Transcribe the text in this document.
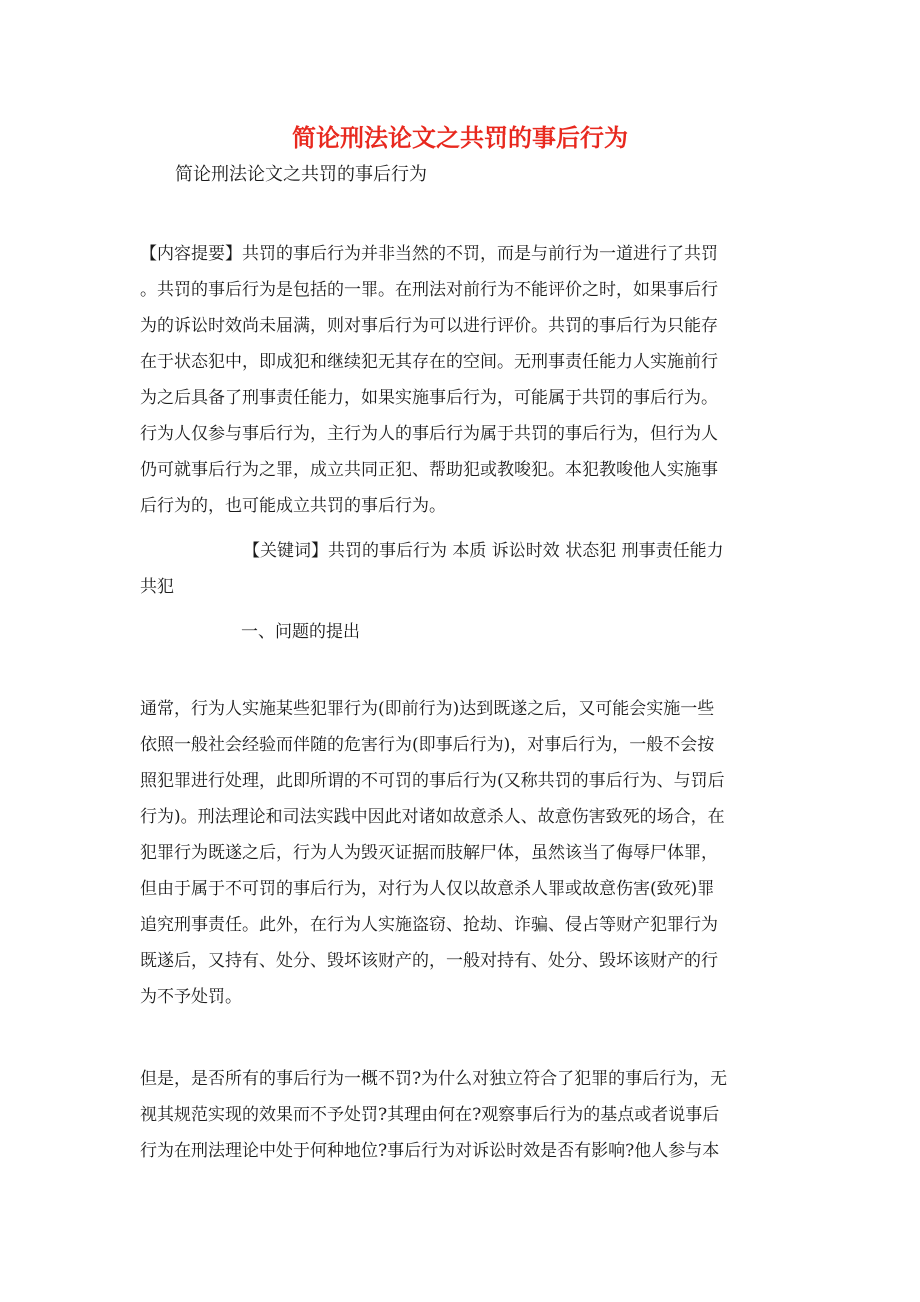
简论刑法论文之共罚的事后行为
简论刑法论文之共罚的事后行为
【内容提要】共罚的事后行为并非当然的不罚，而是与前行为一道进行了共罚
。共罚的事后行为是包括的一罪。在刑法对前行为不能评价之时，如果事后行
为的诉讼时效尚未届满，则对事后行为可以进行评价。共罚的事后行为只能存
在于状态犯中，即成犯和继续犯无其存在的空间。无刑事责任能力人实施前行
为之后具备了刑事责任能力，如果实施事后行为，可能属于共罚的事后行为。
行为人仅参与事后行为，主行为人的事后行为属于共罚的事后行为，但行为人
仍可就事后行为之罪，成立共同正犯、帮助犯或教唆犯。本犯教唆他人实施事
后行为的，也可能成立共罚的事后行为。
【关键词】共罚的事后行为 本质 诉讼时效 状态犯 刑事责任能力
共犯
一、问题的提出
通常，行为人实施某些犯罪行为(即前行为)达到既遂之后，又可能会实施一些
依照一般社会经验而伴随的危害行为(即事后行为)，对事后行为，一般不会按
照犯罪进行处理，此即所谓的不可罚的事后行为(又称共罚的事后行为、与罚后
行为)。刑法理论和司法实践中因此对诸如故意杀人、故意伤害致死的场合，在
犯罪行为既遂之后，行为人为毁灭证据而肢解尸体，虽然该当了侮辱尸体罪，
但由于属于不可罚的事后行为，对行为人仅以故意杀人罪或故意伤害(致死)罪
追究刑事责任。此外，在行为人实施盗窃、抢劫、诈骗、侵占等财产犯罪行为
既遂后，又持有、处分、毁坏该财产的，一般对持有、处分、毁坏该财产的行
为不予处罚。
但是，是否所有的事后行为一概不罚?为什么对独立符合了犯罪的事后行为，无
视其规范实现的效果而不予处罚?其理由何在?观察事后行为的基点或者说事后
行为在刑法理论中处于何种地位?事后行为对诉讼时效是否有影响?他人参与本
